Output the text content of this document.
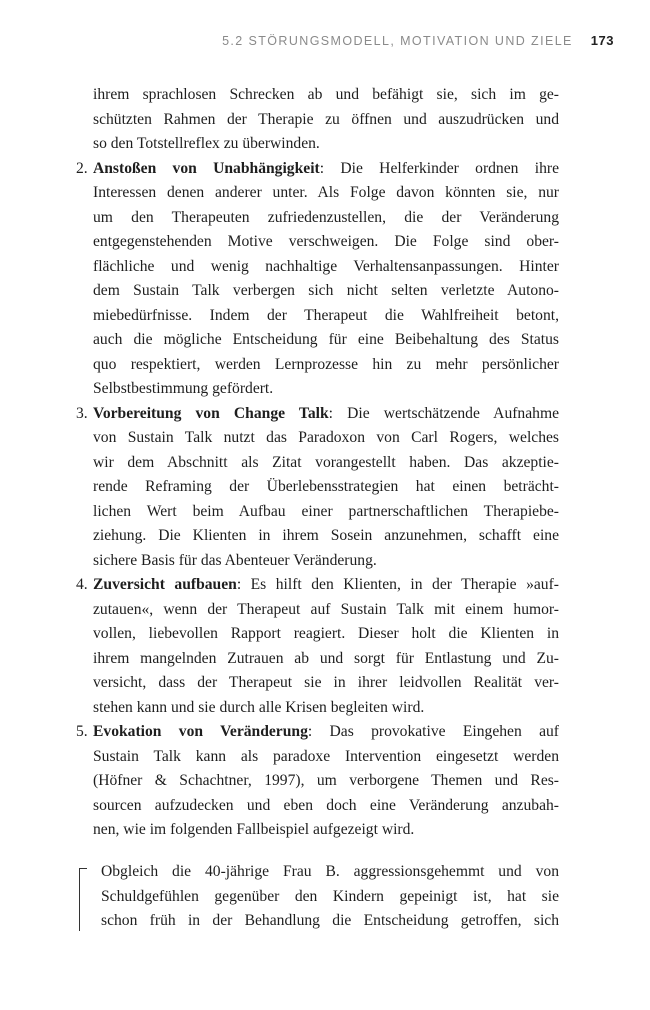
5.2 STÖRUNGSMODELL, MOTIVATION UND ZIELE 173
ihrem sprachlosen Schrecken ab und befähigt sie, sich im ge-
schützten Rahmen der Therapie zu öffnen und auszudrücken und
so den Totstellreflex zu überwinden.
2. Anstoßen von Unabhängigkeit: Die Helferkinder ordnen ihre
Interessen denen anderer unter. Als Folge davon könnten sie, nur
um den Therapeuten zufriedenzustellen, die der Veränderung
entgegenstehenden Motive verschweigen. Die Folge sind ober-
flächliche und wenig nachhaltige Verhaltensanpassungen. Hinter
dem Sustain Talk verbergen sich nicht selten verletzte Autono-
miebedürfnisse. Indem der Therapeut die Wahlfreiheit betont,
auch die mögliche Entscheidung für eine Beibehaltung des Status
quo respektiert, werden Lernprozesse hin zu mehr persönlicher
Selbstbestimmung gefördert.
3. Vorbereitung von Change Talk: Die wertschätzende Aufnahme
von Sustain Talk nutzt das Paradoxon von Carl Rogers, welches
wir dem Abschnitt als Zitat vorangestellt haben. Das akzeptie-
rende Reframing der Überlebensstrategien hat einen beträcht-
lichen Wert beim Aufbau einer partnerschaftlichen Therapiebe-
ziehung. Die Klienten in ihrem Sosein anzunehmen, schafft eine
sichere Basis für das Abenteuer Veränderung.
4. Zuversicht aufbauen: Es hilft den Klienten, in der Therapie »auf-
zutauen«, wenn der Therapeut auf Sustain Talk mit einem humor-
vollen, liebevollen Rapport reagiert. Dieser holt die Klienten in
ihrem mangelnden Zutrauen ab und sorgt für Entlastung und Zu-
versicht, dass der Therapeut sie in ihrer leidvollen Realität ver-
stehen kann und sie durch alle Krisen begleiten wird.
5. Evokation von Veränderung: Das provokative Eingehen auf
Sustain Talk kann als paradoxe Intervention eingesetzt werden
(Höfner & Schachtner, 1997), um verborgene Themen und Res-
sourcen aufzudecken und eben doch eine Veränderung anzubah-
nen, wie im folgenden Fallbeispiel aufgezeigt wird.
Obgleich die 40-jährige Frau B. aggressionsgehemmt und von
Schuldgefühlen gegenüber den Kindern gepeinigt ist, hat sie
schon früh in der Behandlung die Entscheidung getroffen, sich
